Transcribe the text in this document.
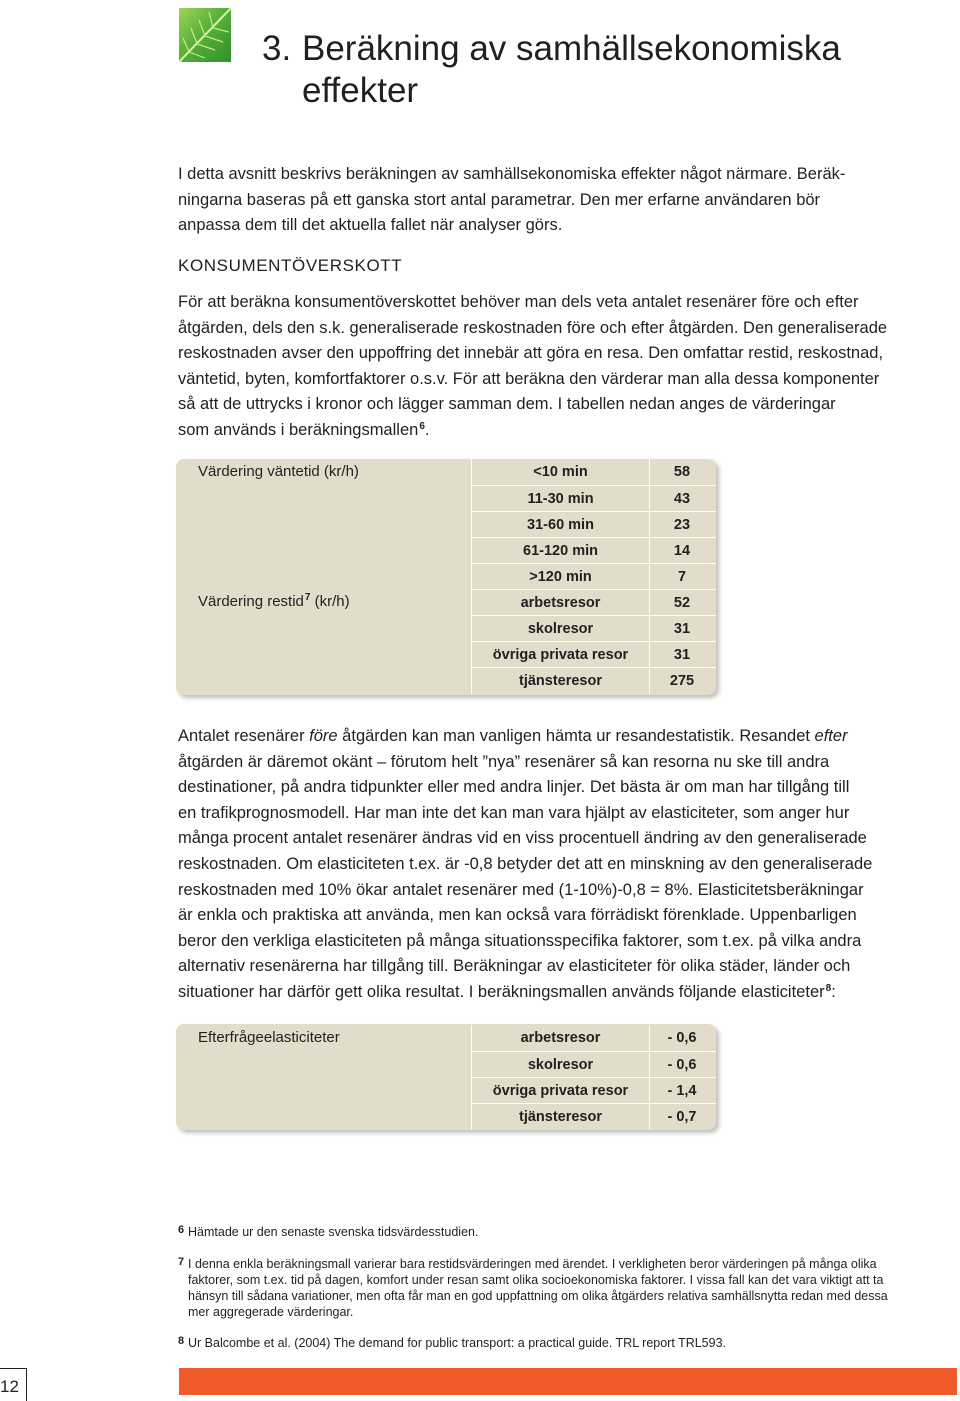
3. Beräkning av samhällsekonomiska
effekter

I detta avsnitt beskrivs beräkningen av samhällsekonomiska effekter något närmare. Beräk-
ningarna baseras på ett ganska stort antal parametrar. Den mer erfarne användaren bör
anpassa dem till det aktuella fallet när analyser görs.

KONSUMENTÖVERSKOTT

För att beräkna konsumentöverskottet behöver man dels veta antalet resenärer före och efter
åtgärden, dels den s.k. generaliserade reskostnaden före och efter åtgärden. Den generaliserade
reskostnaden avser den uppoffring det innebär att göra en resa. Den omfattar restid, reskostnad,
väntetid, byten, komfortfaktorer o.s.v. För att beräkna den värderar man alla dessa komponenter
så att de uttrycks i kronor och lägger samman dem. I tabellen nedan anges de värderingar
som används i beräkningsmallen$^6$.

Värdering väntetid (kr/h)	<10 min	58
11-30 min	43
31-60 min	23
61-120 min	14
>120 min	7
Värdering restid$^7$ (kr/h)	arbetsresor	52
skolresor	31
övriga privata resor	31
tjänsteresor	275

Antalet resenärer före åtgärden kan man vanligen hämta ur resandestatistik. Resandet efter
åtgärden är däremot okänt – förutom helt ”nya” resenärer så kan resorna nu ske till andra
destinationer, på andra tidpunkter eller med andra linjer. Det bästa är om man har tillgång till
en trafikprognosmodell. Har man inte det kan man vara hjälpt av elasticiteter, som anger hur
många procent antalet resenärer ändras vid en viss procentuell ändring av den generaliserade
reskostnaden. Om elasticiteten t.ex. är -0,8 betyder det att en minskning av den generaliserade
reskostnaden med 10% ökar antalet resenärer med (1-10%)-0,8 = 8%. Elasticitetsberäkningar
är enkla och praktiska att använda, men kan också vara förrädiskt förenklade. Uppenbarligen
beror den verkliga elasticiteten på många situationsspecifika faktorer, som t.ex. på vilka andra
alternativ resenärerna har tillgång till. Beräkningar av elasticiteter för olika städer, länder och
situationer har därför gett olika resultat. I beräkningsmallen används följande elasticiteter$^8$:

Efterfrågeelasticiteter	arbetsresor	- 0,6
skolresor	- 0,6
övriga privata resor	- 1,4
tjänsteresor	- 0,7

6 Hämtade ur den senaste svenska tidsvärdesstudien.

7 I denna enkla beräkningsmall varierar bara restidsvärderingen med ärendet. I verkligheten beror värderingen på många olika
faktorer, som t.ex. tid på dagen, komfort under resan samt olika socioekonomiska faktorer. I vissa fall kan det vara viktigt att ta
hänsyn till sådana variationer, men ofta får man en god uppfattning om olika åtgärders relativa samhällsnytta redan med dessa
mer aggregerade värderingar.

8 Ur Balcombe et al. (2004) The demand for public transport: a practical guide. TRL report TRL593.

12
